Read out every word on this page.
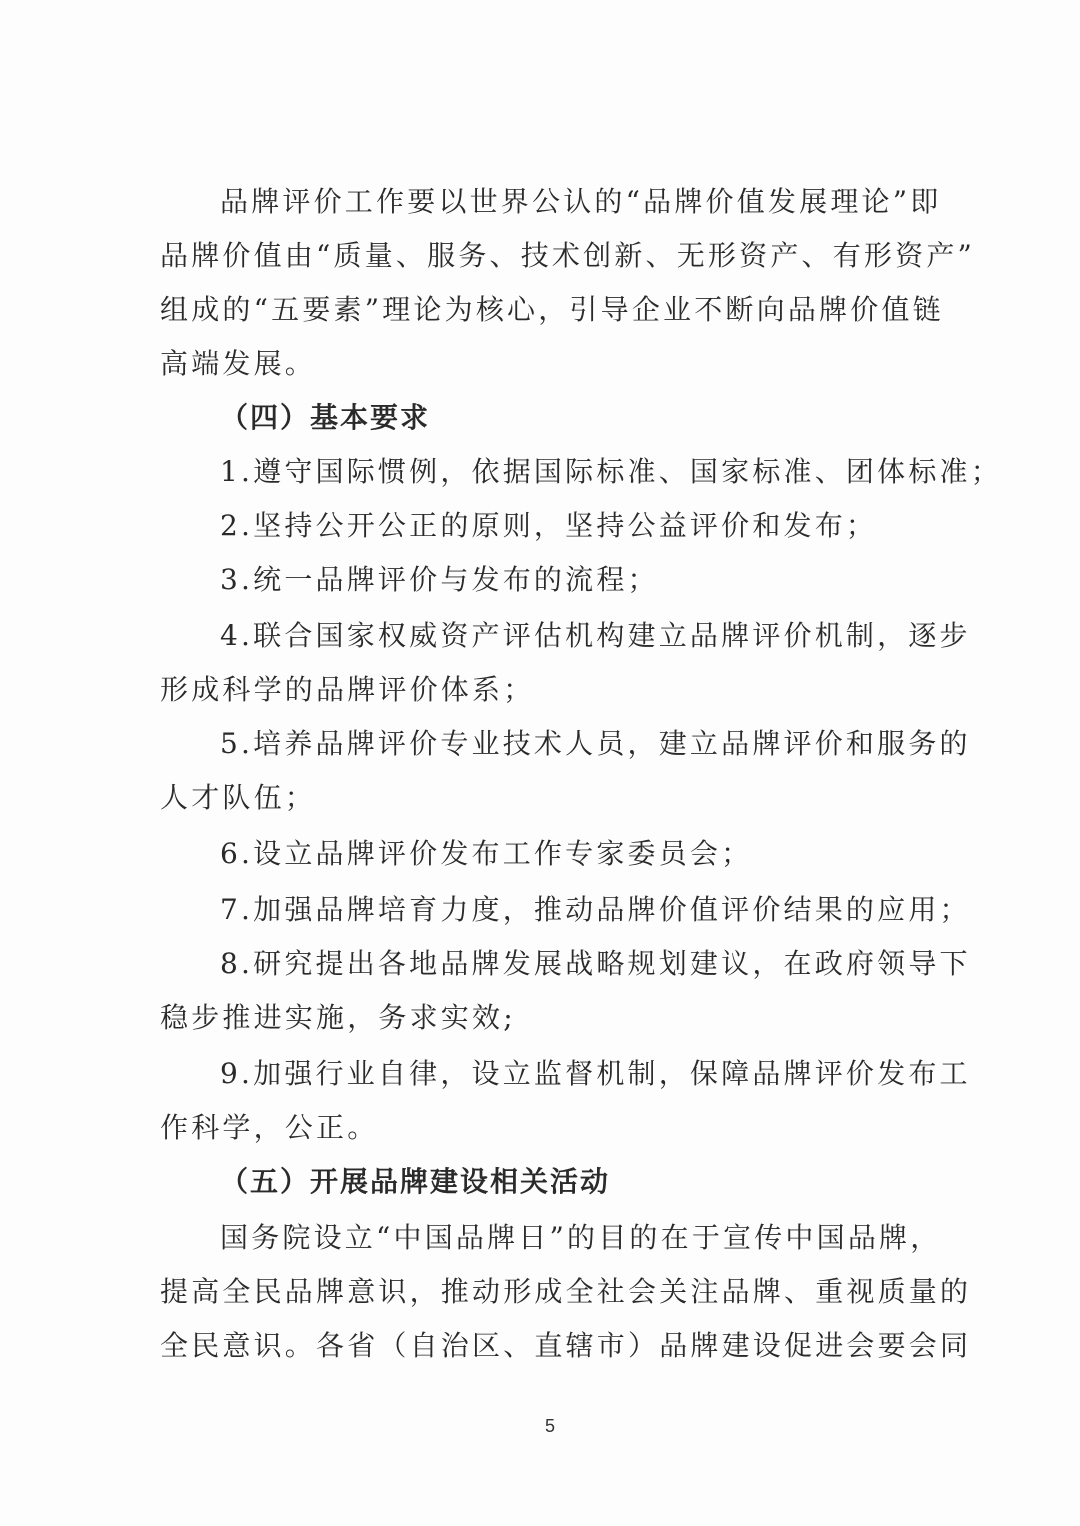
品牌评价工作要以世界公认的“品牌价值发展理论”即
品牌价值由“质量、服务、技术创新、无形资产、有形资产”
组成的“五要素”理论为核心，引导企业不断向品牌价值链
高端发展。
（四）基本要求
1.遵守国际惯例，依据国际标准、国家标准、团体标准；
2.坚持公开公正的原则，坚持公益评价和发布；
3.统一品牌评价与发布的流程；
4.联合国家权威资产评估机构建立品牌评价机制，逐步
形成科学的品牌评价体系；
5.培养品牌评价专业技术人员，建立品牌评价和服务的
人才队伍；
6.设立品牌评价发布工作专家委员会；
7.加强品牌培育力度，推动品牌价值评价结果的应用；
8.研究提出各地品牌发展战略规划建议，在政府领导下
稳步推进实施，务求实效;
9.加强行业自律，设立监督机制，保障品牌评价发布工
作科学，公正。
（五）开展品牌建设相关活动
国务院设立“中国品牌日”的目的在于宣传中国品牌，
提高全民品牌意识，推动形成全社会关注品牌、重视质量的
全民意识。各省（自治区、直辖市）品牌建设促进会要会同
5
